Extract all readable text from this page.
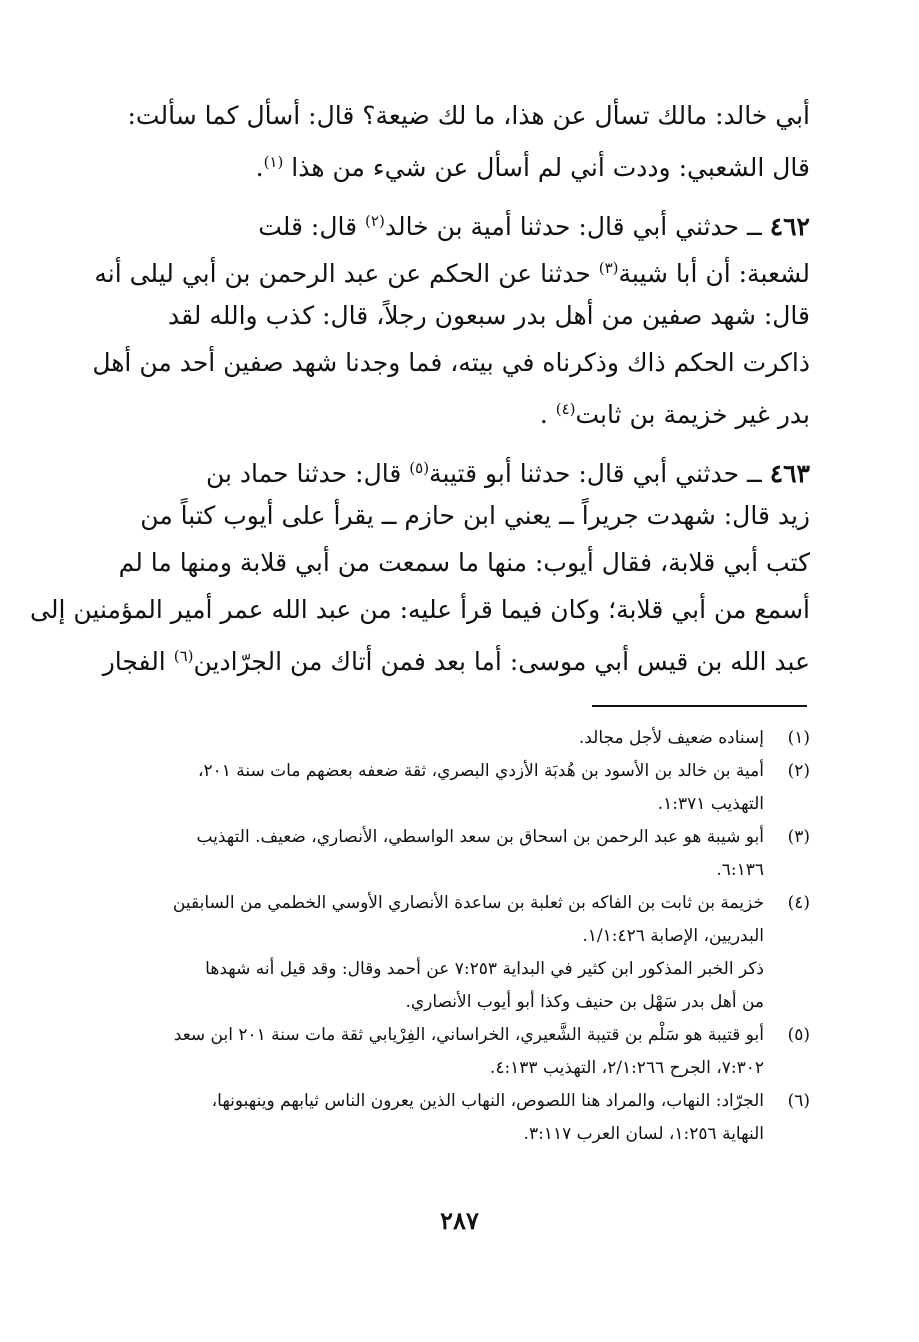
أبي خالد: مالك تسأل عن هذا، ما لك ضيعة؟ قال: أسأل كما سألت:
قال الشعبي: وددت أني لم أسأل عن شيء من هذا $^{(١)}$.
٤٦٢ــ حدثني أبي قال: حدثنا أمية بن خالد$^{(٢)}$ قال: قلت
لشعبة: أن أبا شيبة$^{(٣)}$ حدثنا عن الحكم عن عبد الرحمن بن أبي ليلى أنه
قال: شهد صفين من أهل بدر سبعون رجلاً، قال: كذب والله لقد
ذاكرت الحكم ذاك وذكرناه في بيته، فما وجدنا شهد صفين أحد من أهل
بدر غير خزيمة بن ثابت$^{(٤)}$ .
٤٦٣ــ حدثني أبي قال: حدثنا أبو قتيبة$^{(٥)}$ قال: حدثنا حماد بن
زيد قال: شهدت جريراً ــ يعني ابن حازم ــ يقرأ على أيوب كتباً من
كتب أبي قلابة، فقال أيوب: منها ما سمعت من أبي قلابة ومنها ما لم
أسمع من أبي قلابة؛ وكان فيما قرأ عليه: من عبد الله عمر أمير المؤمنين إلى
عبد الله بن قيس أبي موسى: أما بعد فمن أتاك من الجرّادين$^{(٦)}$ الفجار
(١)
إسناده ضعيف لأجل مجالد.
(٢)
أمية بن خالد بن الأسود بن هُدبَة الأزدي البصري، ثقة ضعفه بعضهم مات سنة ٢٠١،
التهذيب ١:٣٧١.
(٣)
أبو شيبة هو عبد الرحمن بن اسحاق بن سعد الواسطي، الأنصاري، ضعيف. التهذيب
٦:١٣٦.
(٤)
خزيمة بن ثابت بن الفاكه بن ثعلبة بن ساعدة الأنصاري الأوسي الخطمي من السابقين
البدريين، الإصابة ١/١:٤٢٦.
ذكر الخبر المذكور ابن كثير في البداية ٧:٢٥٣ عن أحمد وقال: وقد قيل أنه شهدها
من أهل بدر سَهْل بن حنيف وكذا أبو أيوب الأنصاري.
(٥)
أبو قتيبة هو سَلْم بن قتيبة الشَّعيري، الخراساني، الفِرْيابي ثقة مات سنة ٢٠١ ابن سعد
٧:٣٠٢، الجرح ٢/١:٢٦٦، التهذيب ٤:١٣٣.
(٦)
الجرّاد: النهاب، والمراد هنا اللصوص، النهاب الذين يعرون الناس ثيابهم وينهبونها،
النهاية ١:٢٥٦، لسان العرب ٣:١١٧.
٢٨٧
